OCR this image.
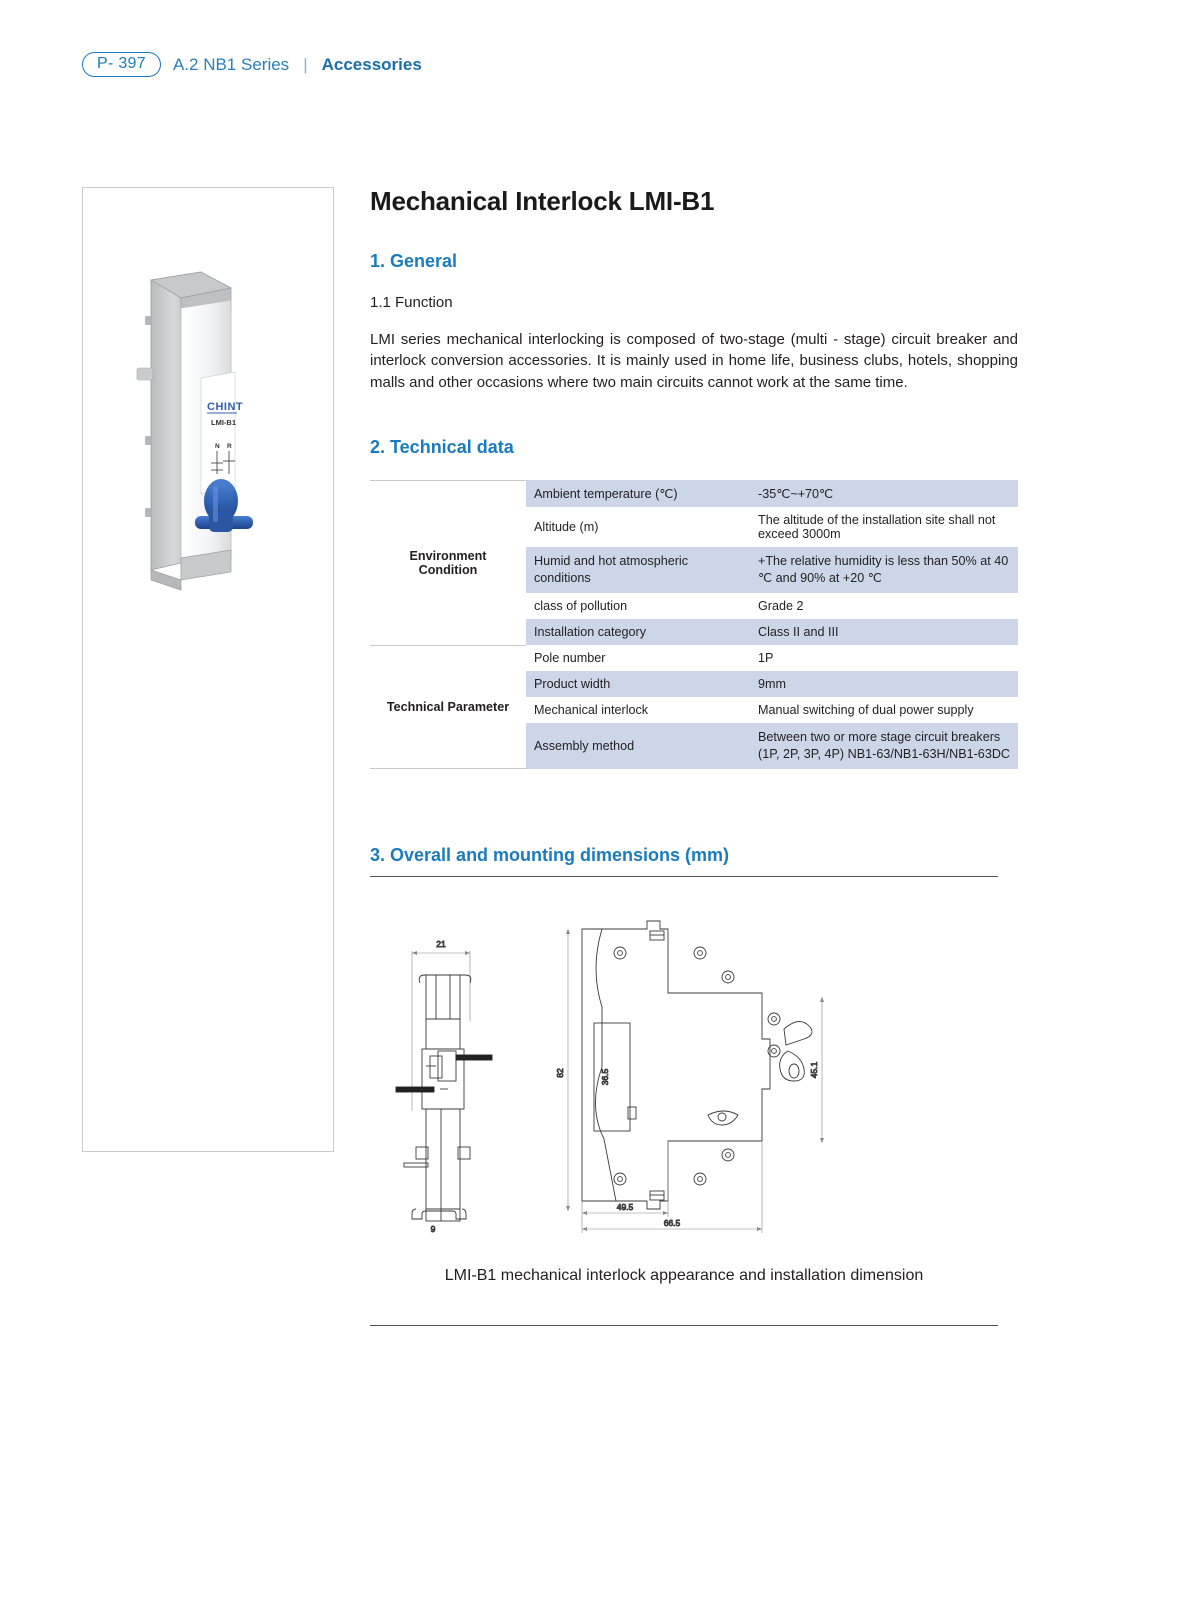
P- 397	A.2 NB1 Series | Accessories
CHINT
LMI-B1
N R
Mechanical Interlock LMI-B1
1. General
1.1 Function

LMI series mechanical interlocking is composed of two-stage (multi - stage) circuit breaker and interlock conversion accessories. It is mainly used in home life, business clubs, hotels, shopping malls and other occasions where two main circuits cannot work at the same time.

2. Technical data
Environment
Condition	Ambient temperature (℃)	-35℃~+70℃
	Altitude (m)	The altitude of the installation site shall not exceed 3000m
	Humid and hot atmospheric conditions	+The relative humidity is less than 50% at 40 ℃ and 90% at +20 ℃
	class of pollution	Grade 2
	Installation category	Class II and III
Technical Parameter	Pole number	1P
	Product width	9mm
	Mechanical interlock	Manual switching of dual power supply
	Assembly method	Between two or more stage circuit breakers (1P, 2P, 3P, 4P) NB1-63/NB1-63H/NB1-63DC
3. Overall and mounting dimensions (mm)
21
9
82	36.5	45.1
49.5
66.5
LMI-B1 mechanical interlock appearance and installation dimension
